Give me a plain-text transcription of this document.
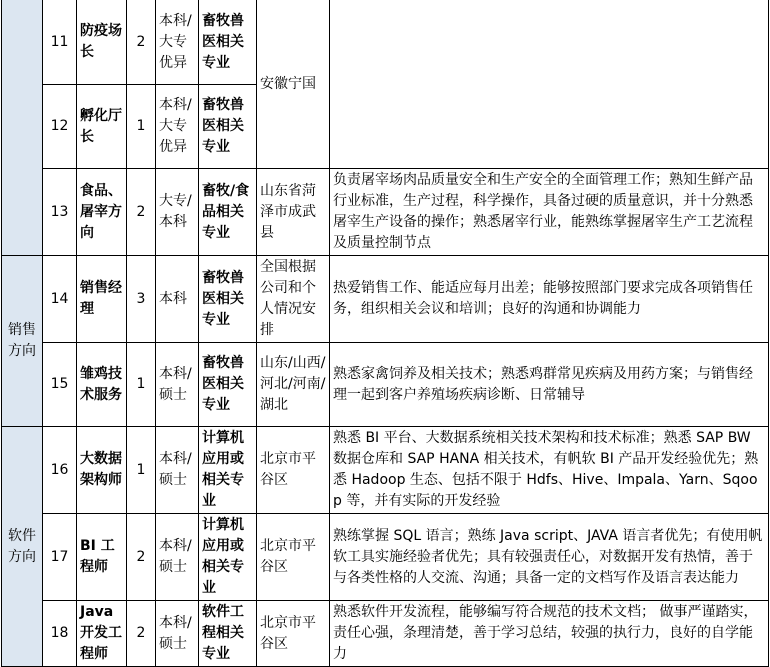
	11	防疫场长	2	本科/大专优异	畜牧兽医相关专业	安徽宁国	
	12	孵化厅长	1	本科/大专优异	畜牧兽医相关专业		
	13	食品、屠宰方向	2	大专/本科	畜牧/食品相关专业	山东省菏泽市成武县	负责屠宰场肉品质量安全和生产安全的全面管理工作；熟知生鲜产品行业标准，生产过程，科学操作，具备过硬的质量意识，并十分熟悉屠宰生产设备的操作；熟悉屠宰行业，能熟练掌握屠宰生产工艺流程及质量控制节点
销售方向	14	销售经理	3	本科	畜牧兽医相关专业	全国根据公司和个人情况安排	热爱销售工作、能适应每月出差；能够按照部门要求完成各项销售任务，组织相关会议和培训；良好的沟通和协调能力
	15	雏鸡技术服务	1	本科/硕士	畜牧兽医相关专业	山东/山西/河北/河南/湖北	熟悉家禽饲养及相关技术；熟悉鸡群常见疾病及用药方案；与销售经理一起到客户养殖场疾病诊断、日常辅导
软件方向	16	大数据架构师	1	本科/硕士	计算机应用或相关专业	北京市平谷区	熟悉 BI 平台、大数据系统相关技术架构和技术标准；熟悉 SAP BW 数据仓库和 SAP HANA 相关技术，有帆软 BI 产品开发经验优先；熟悉 Hadoop 生态、包括不限于 Hdfs、Hive、Impala、Yarn、Sqoop 等，并有实际的开发经验
	17	BI 工程师	2	本科/硕士	计算机应用或相关专业	北京市平谷区	熟练掌握 SQL 语言；熟练 Java script、JAVA 语言者优先；有使用帆软工具实施经验者优先；具有较强责任心，对数据开发有热情，善于与各类性格的人交流、沟通；具备一定的文档写作及语言表达能力
	18	Java 开发工程师	2	本科/硕士	软件工程相关专业	北京市平谷区	熟悉软件开发流程，能够编写符合规范的技术文档； 做事严谨踏实，责任心强，条理清楚，善于学习总结，较强的执行力，良好的自学能力
